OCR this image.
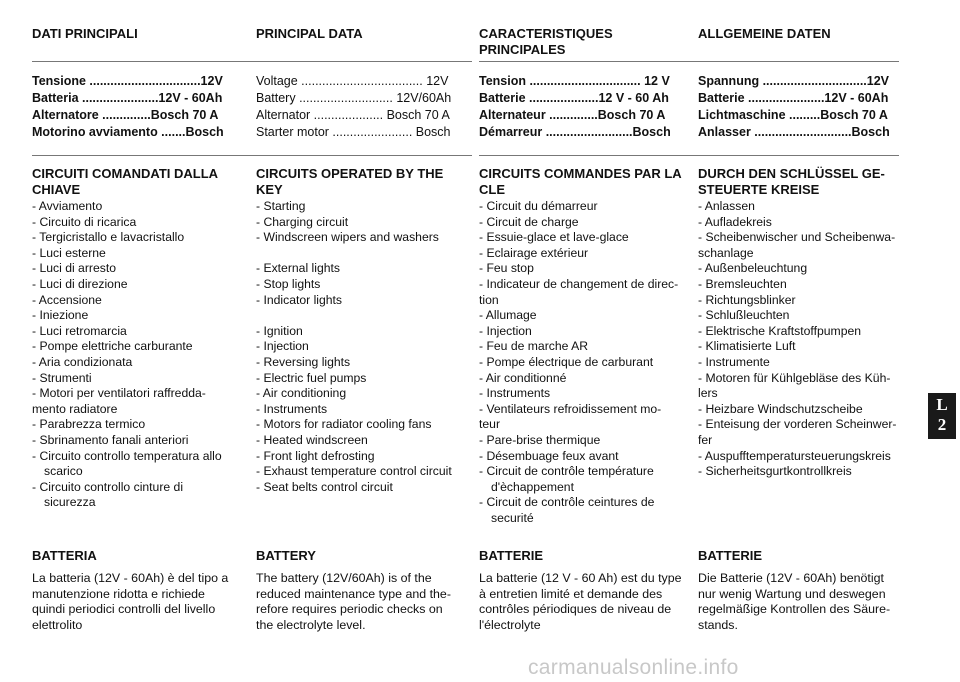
DATI PRINCIPALI	PRINCIPAL DATA	CARACTERISTIQUES
PRINCIPALES
ALLGEMEINE DATEN
Tensione ................................12V
Batteria ......................12V - 60Ah
Alternatore ..............Bosch 70 A
Motorino avviamento .......Bosch
Voltage ................................... 12V
Battery ........................... 12V/60Ah
Alternator .................... Bosch 70 A
Starter motor ....................... Bosch
Tension ................................ 12 V
Batterie ....................12 V - 60 Ah
Alternateur ..............Bosch 70 A
Démarreur .........................Bosch
Spannung ..............................12V
Batterie ......................12V - 60Ah
Lichtmaschine .........Bosch 70 A
Anlasser ............................Bosch
CIRCUITI COMANDATI DALLA
CHIAVE
- Avviamento
- Circuito di ricarica
- Tergicristallo e lavacristallo
- Luci esterne
- Luci di arresto
- Luci di direzione
- Accensione
- Iniezione
- Luci retromarcia
- Pompe elettriche carburante
- Aria condizionata
- Strumenti
- Motori per ventilatori raffredda-
mento radiatore
- Parabrezza termico
- Sbrinamento fanali anteriori
- Circuito controllo temperatura allo
scarico
- Circuito controllo cinture di
sicurezza
CIRCUITS OPERATED BY THE
KEY
- Starting
- Charging circuit
- Windscreen wipers and washers
- External lights
- Stop lights
- Indicator lights
- Ignition
- Injection
- Reversing lights
- Electric fuel pumps
- Air conditioning
- Instruments
- Motors for radiator cooling fans
- Heated windscreen
- Front light defrosting
- Exhaust temperature control circuit
- Seat belts control circuit
CIRCUITS COMMANDES PAR LA
CLE
- Circuit du démarreur
- Circuit de charge
- Essuie-glace et lave-glace
- Eclairage extérieur
- Feu stop
- Indicateur de changement de direc-
tion
- Allumage
- Injection
- Feu de marche AR
- Pompe électrique de carburant
- Air conditionné
- Instruments
- Ventilateurs refroidissement mo-
teur
- Pare-brise thermique
- Désembuage feux avant
- Circuit de contrôle température
d'èchappement
- Circuit de contrôle ceintures de
securité
DURCH DEN SCHLÜSSEL GE-
STEUERTE KREISE
- Anlassen
- Aufladekreis
- Scheibenwischer und Scheibenwa-
schanlage
- Außenbeleuchtung
- Bremsleuchten
- Richtungsblinker
- Schlußleuchten
- Elektrische Kraftstoffpumpen
- Klimatisierte Luft
- Instrumente
- Motoren für Kühlgebläse des Küh-
lers
- Heizbare Windschutzscheibe
- Enteisung der vorderen Scheinwer-
fer
- Auspufftemperatursteuerungskreis
- Sicherheitsgurtkontrollkreis
BATTERIA
La batteria (12V - 60Ah) è del tipo a
manutenzione ridotta e richiede
quindi periodici controlli del livello
elettrolito
BATTERY
The battery (12V/60Ah) is of the
reduced maintenance type and the-
refore requires periodic checks on
the electrolyte level.
BATTERIE
La batterie (12 V - 60 Ah) est du type
à entretien limité et demande des
contrôles périodiques de niveau de
l'électrolyte
BATTERIE
Die Batterie (12V - 60Ah) benötigt
nur wenig Wartung und deswegen
regelmäßige Kontrollen des Säure-
stands.
L
2
carmanualsonline.info
